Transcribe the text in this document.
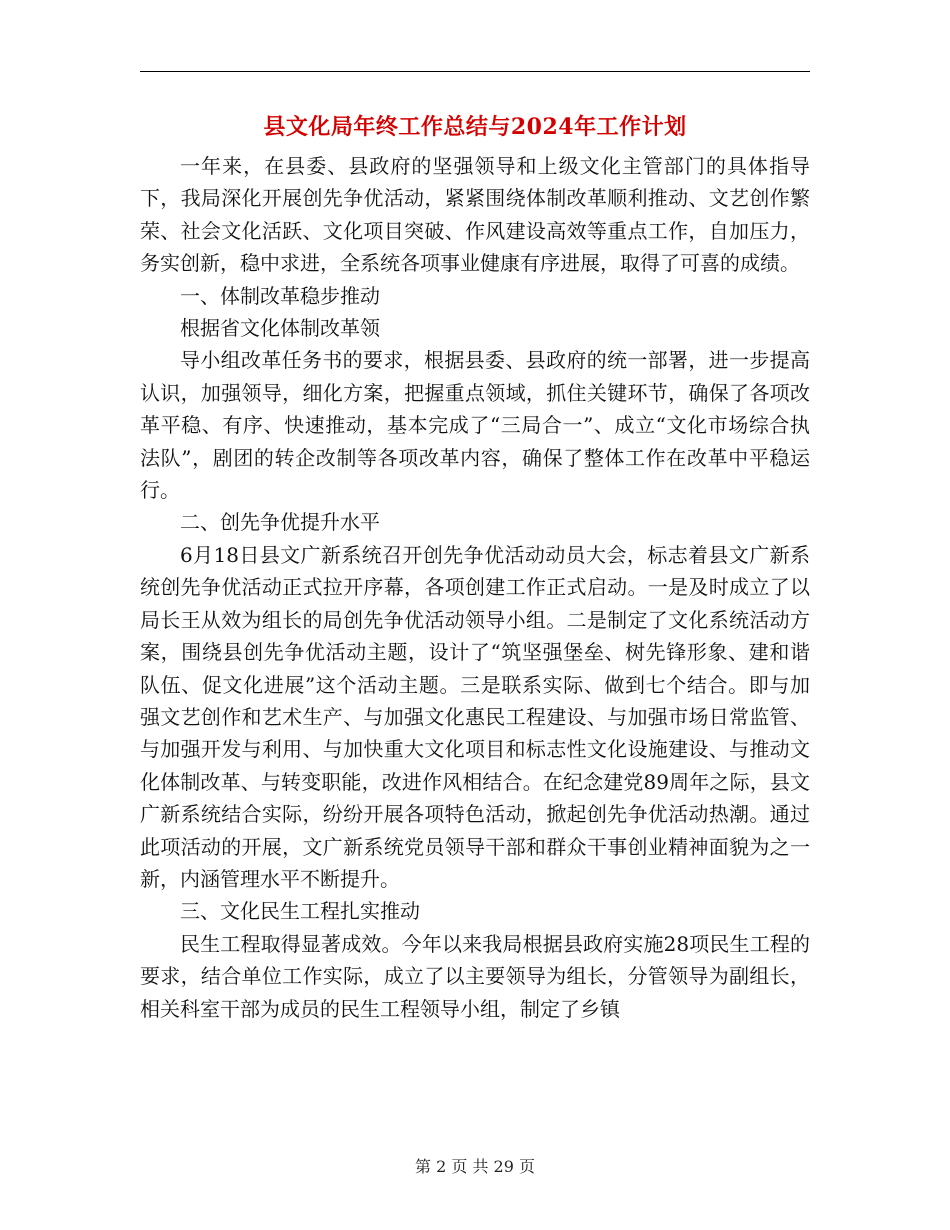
县文化局年终工作总结与2024年工作计划

一年来，在县委、县政府的坚强领导和上级文化主管部门的具体指导下，我局深化开展创先争优活动，紧紧围绕体制改革顺利推动、文艺创作繁荣、社会文化活跃、文化项目突破、作风建设高效等重点工作，自加压力，务实创新，稳中求进，全系统各项事业健康有序进展，取得了可喜的成绩。

一、体制改革稳步推动

根据省文化体制改革领

导小组改革任务书的要求，根据县委、县政府的统一部署，进一步提高认识，加强领导，细化方案，把握重点领域，抓住关键环节，确保了各项改革平稳、有序、快速推动，基本完成了“三局合一”、成立“文化市场综合执法队”，剧团的转企改制等各项改革内容，确保了整体工作在改革中平稳运行。

二、创先争优提升水平

6月18日县文广新系统召开创先争优活动动员大会，标志着县文广新系统创先争优活动正式拉开序幕，各项创建工作正式启动。一是及时成立了以局长王从效为组长的局创先争优活动领导小组。二是制定了文化系统活动方案，围绕县创先争优活动主题，设计了“筑坚强堡垒、树先锋形象、建和谐队伍、促文化进展”这个活动主题。三是联系实际、做到七个结合。即与加强文艺创作和艺术生产、与加强文化惠民工程建设、与加强市场日常监管、与加强开发与利用、与加快重大文化项目和标志性文化设施建设、与推动文化体制改革、与转变职能，改进作风相结合。在纪念建党89周年之际，县文广新系统结合实际，纷纷开展各项特色活动，掀起创先争优活动热潮。通过此项活动的开展，文广新系统党员领导干部和群众干事创业精神面貌为之一新，内涵管理水平不断提升。

三、文化民生工程扎实推动

民生工程取得显著成效。今年以来我局根据县政府实施28项民生工程的要求，结合单位工作实际，成立了以主要领导为组长，分管领导为副组长，相关科室干部为成员的民生工程领导小组，制定了乡镇

第 2 页 共 29 页
